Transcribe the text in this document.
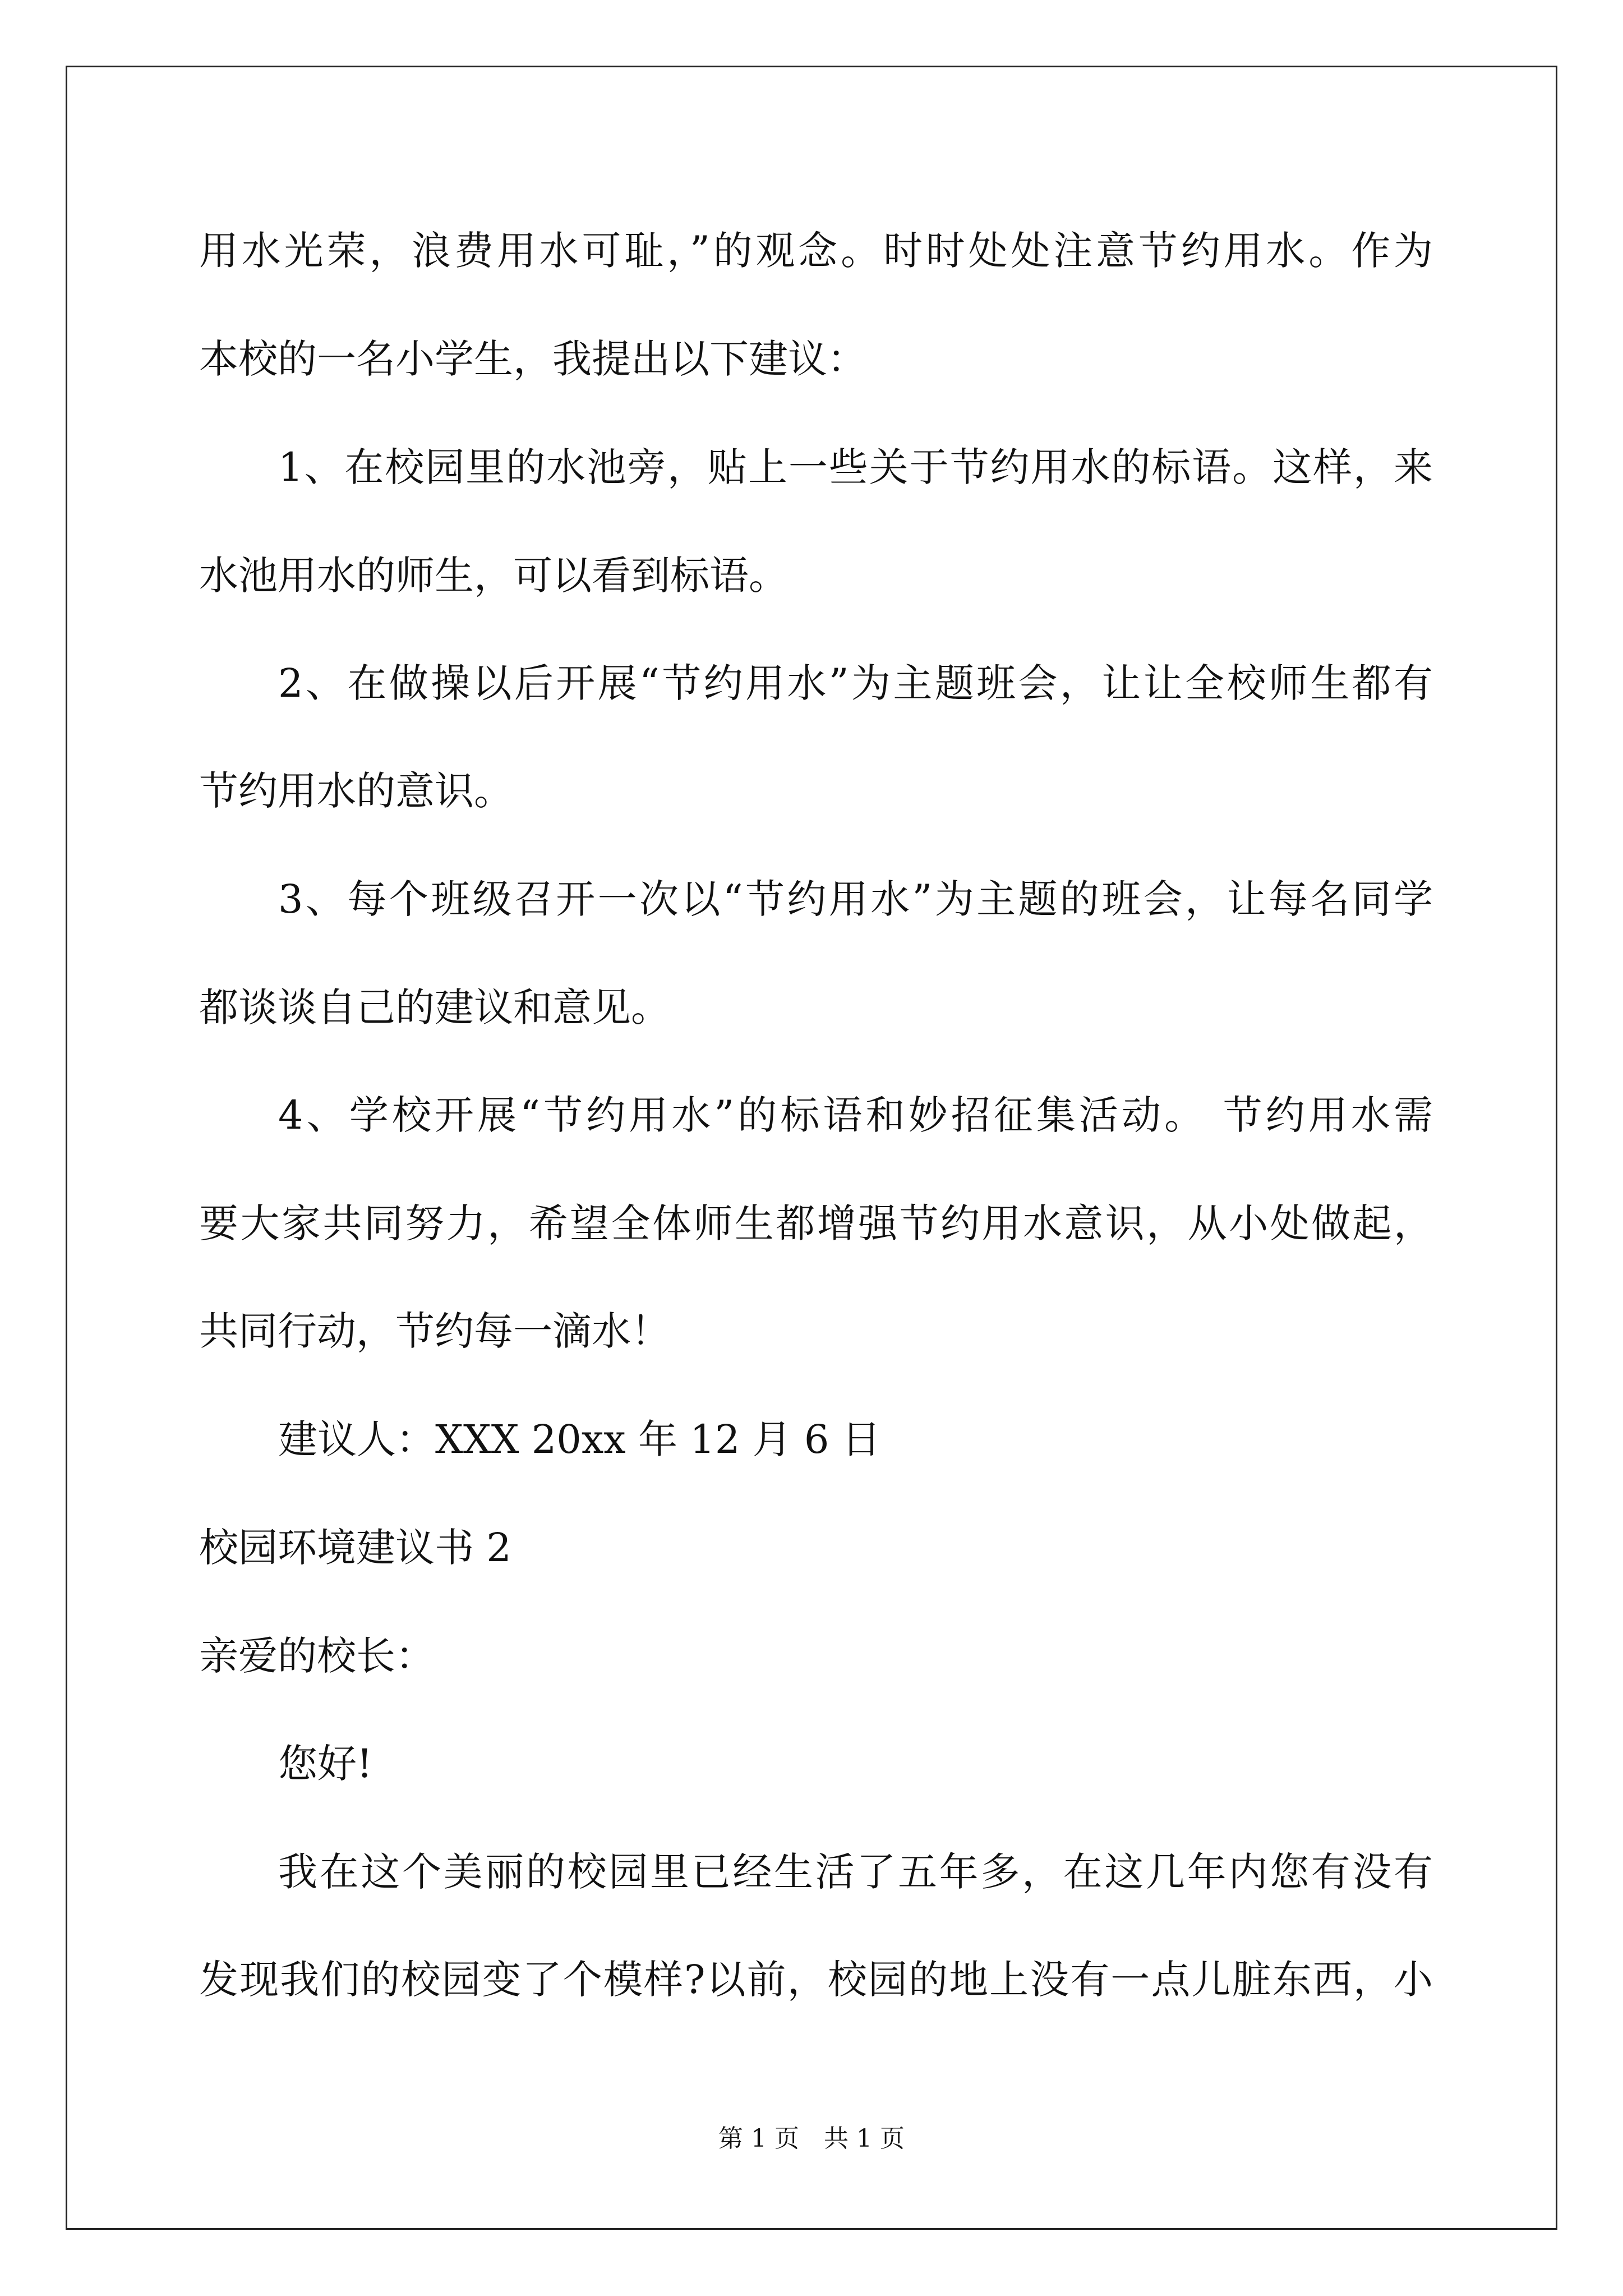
用水光荣，浪费用水可耻，”的观念。时时处处注意节约用水。作为
本校的一名小学生，我提出以下建议：
1、在校园里的水池旁，贴上一些关于节约用水的标语。这样，来
水池用水的师生，可以看到标语。
2、在做操以后开展“节约用水”为主题班会，让让全校师生都有
节约用水的意识。
3、每个班级召开一次以“节约用水”为主题的班会，让每名同学
都谈谈自己的建议和意见。
4、学校开展“节约用水”的标语和妙招征集活动。 节约用水需
要大家共同努力，希望全体师生都增强节约用水意识，从小处做起，
共同行动，节约每一滴水！
建议人：XXX 20xx 年 12 月 6 日
校园环境建议书 2
亲爱的校长：
您好!
我在这个美丽的校园里已经生活了五年多，在这几年内您有没有
发现我们的校园变了个模样?以前，校园的地上没有一点儿脏东西，小
第 1 页　共 1 页
